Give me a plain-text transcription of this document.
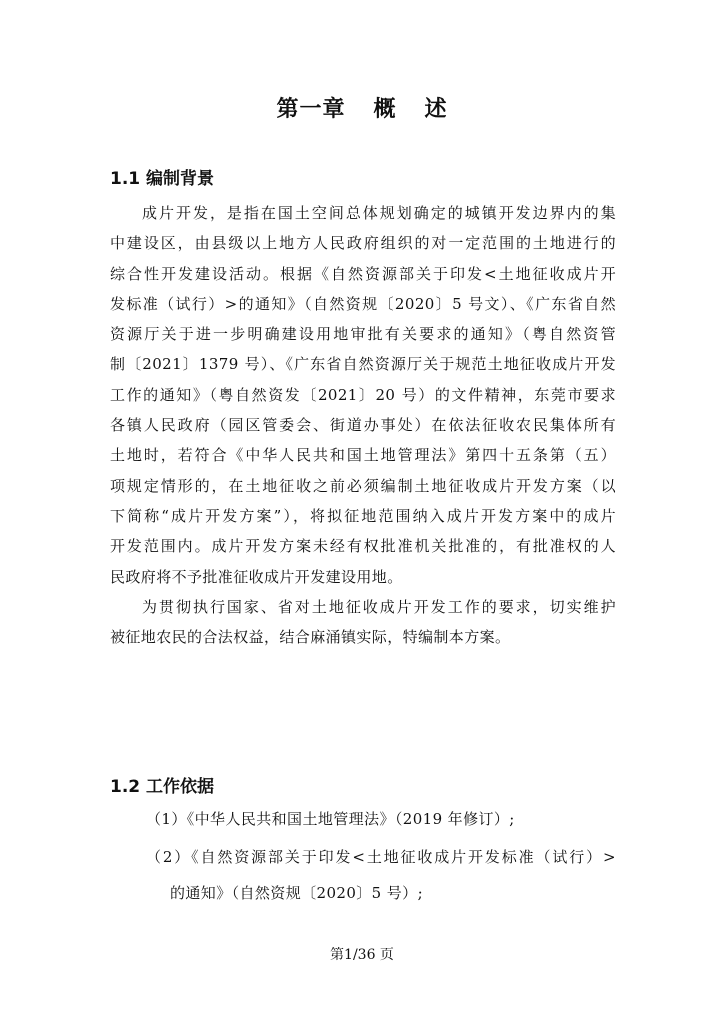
第一章 概 述
1.1 编制背景
成片开发，是指在国土空间总体规划确定的城镇开发边界内的集
中建设区，由县级以上地方人民政府组织的对一定范围的土地进行的
综合性开发建设活动。根据《自然资源部关于印发<土地征收成片开
发标准（试行）>的通知》（自然资规〔2020〕5 号文）、《广东省自然
资源厅关于进一步明确建设用地审批有关要求的通知》（粤自然资管
制〔2021〕1379 号）、《广东省自然资源厅关于规范土地征收成片开发
工作的通知》（粤自然资发〔2021〕20 号）的文件精神，东莞市要求
各镇人民政府（园区管委会、街道办事处）在依法征收农民集体所有
土地时，若符合《中华人民共和国土地管理法》第四十五条第（五）
项规定情形的，在土地征收之前必须编制土地征收成片开发方案（以
下简称“成片开发方案”），将拟征地范围纳入成片开发方案中的成片
开发范围内。成片开发方案未经有权批准机关批准的，有批准权的人
民政府将不予批准征收成片开发建设用地。
为贯彻执行国家、省对土地征收成片开发工作的要求，切实维护
被征地农民的合法权益，结合麻涌镇实际，特编制本方案。
1.2 工作依据
（1）《中华人民共和国土地管理法》（2019 年修订）;
（2）《自然资源部关于印发<土地征收成片开发标准（试行）>
的通知》（自然资规〔2020〕5 号）;
第1/36 页
